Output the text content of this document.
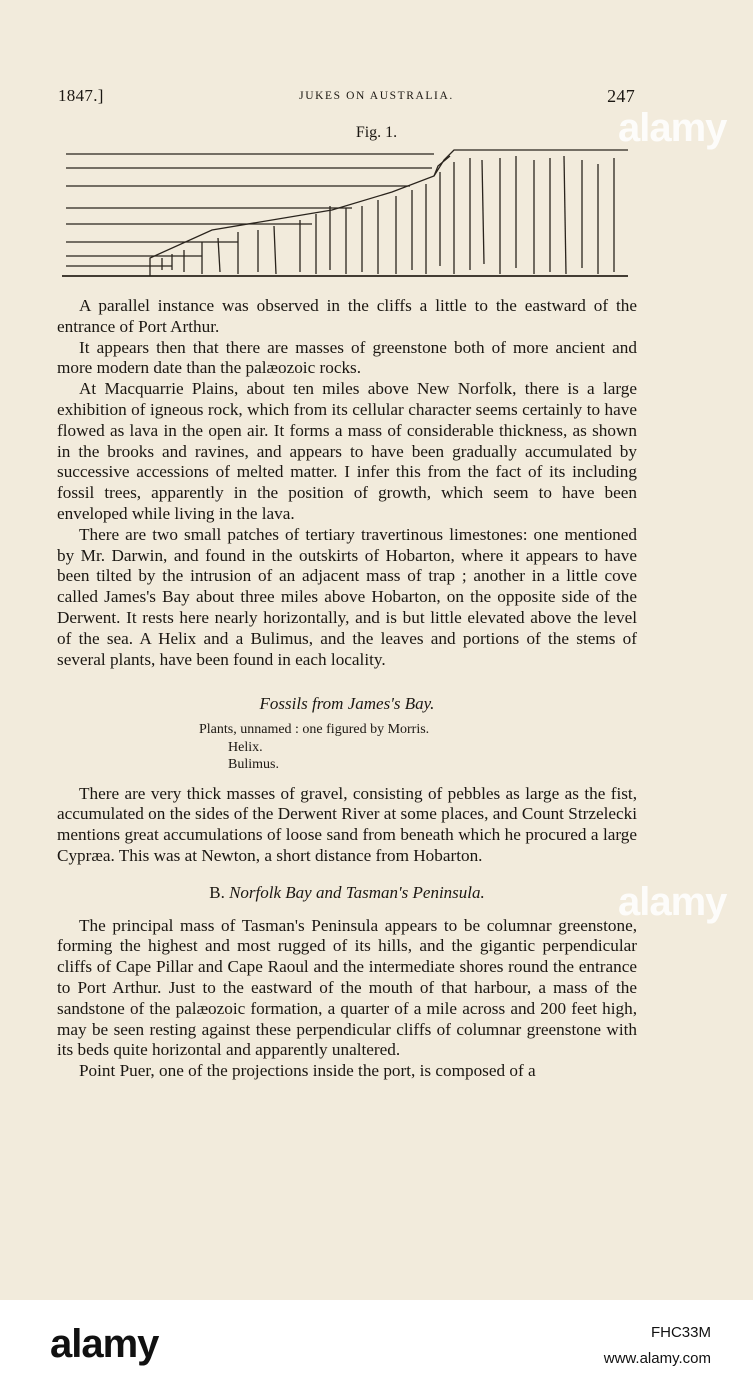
1847.]	JUKES ON AUSTRALIA.	247
Fig. 1.

A parallel instance was observed in the cliffs a little to the eastward of the entrance of Port Arthur.

It appears then that there are masses of greenstone both of more ancient and more modern date than the palæozoic rocks.

At Macquarrie Plains, about ten miles above New Norfolk, there is a large exhibition of igneous rock, which from its cellular character seems certainly to have flowed as lava in the open air. It forms a mass of considerable thickness, as shown in the brooks and ravines, and appears to have been gradually accumulated by successive accessions of melted matter. I infer this from the fact of its including fossil trees, apparently in the position of growth, which seem to have been enveloped while living in the lava.

There are two small patches of tertiary travertinous limestones: one mentioned by Mr. Darwin, and found in the outskirts of Hobarton, where it appears to have been tilted by the intrusion of an adjacent mass of trap ; another in a little cove called James's Bay about three miles above Hobarton, on the opposite side of the Derwent. It rests here nearly horizontally, and is but little elevated above the level of the sea. A Helix and a Bulimus, and the leaves and portions of the stems of several plants, have been found in each locality.

Fossils from James's Bay.
Plants, unnamed : one figured by Morris.
Helix.
Bulimus.

There are very thick masses of gravel, consisting of pebbles as large as the fist, accumulated on the sides of the Derwent River at some places, and Count Strzelecki mentions great accumulations of loose sand from beneath which he procured a large Cypræa. This was at Newton, a short distance from Hobarton.

B. Norfolk Bay and Tasman's Peninsula.

The principal mass of Tasman's Peninsula appears to be columnar greenstone, forming the highest and most rugged of its hills, and the gigantic perpendicular cliffs of Cape Pillar and Cape Raoul and the intermediate shores round the entrance to Port Arthur. Just to the eastward of the mouth of that harbour, a mass of the sandstone of the palæozoic formation, a quarter of a mile across and 200 feet high, may be seen resting against these perpendicular cliffs of columnar greenstone with its beds quite horizontal and apparently unaltered.

Point Puer, one of the projections inside the port, is composed of a

alamy
alamy
alamy	FHC33M
www.alamy.com
